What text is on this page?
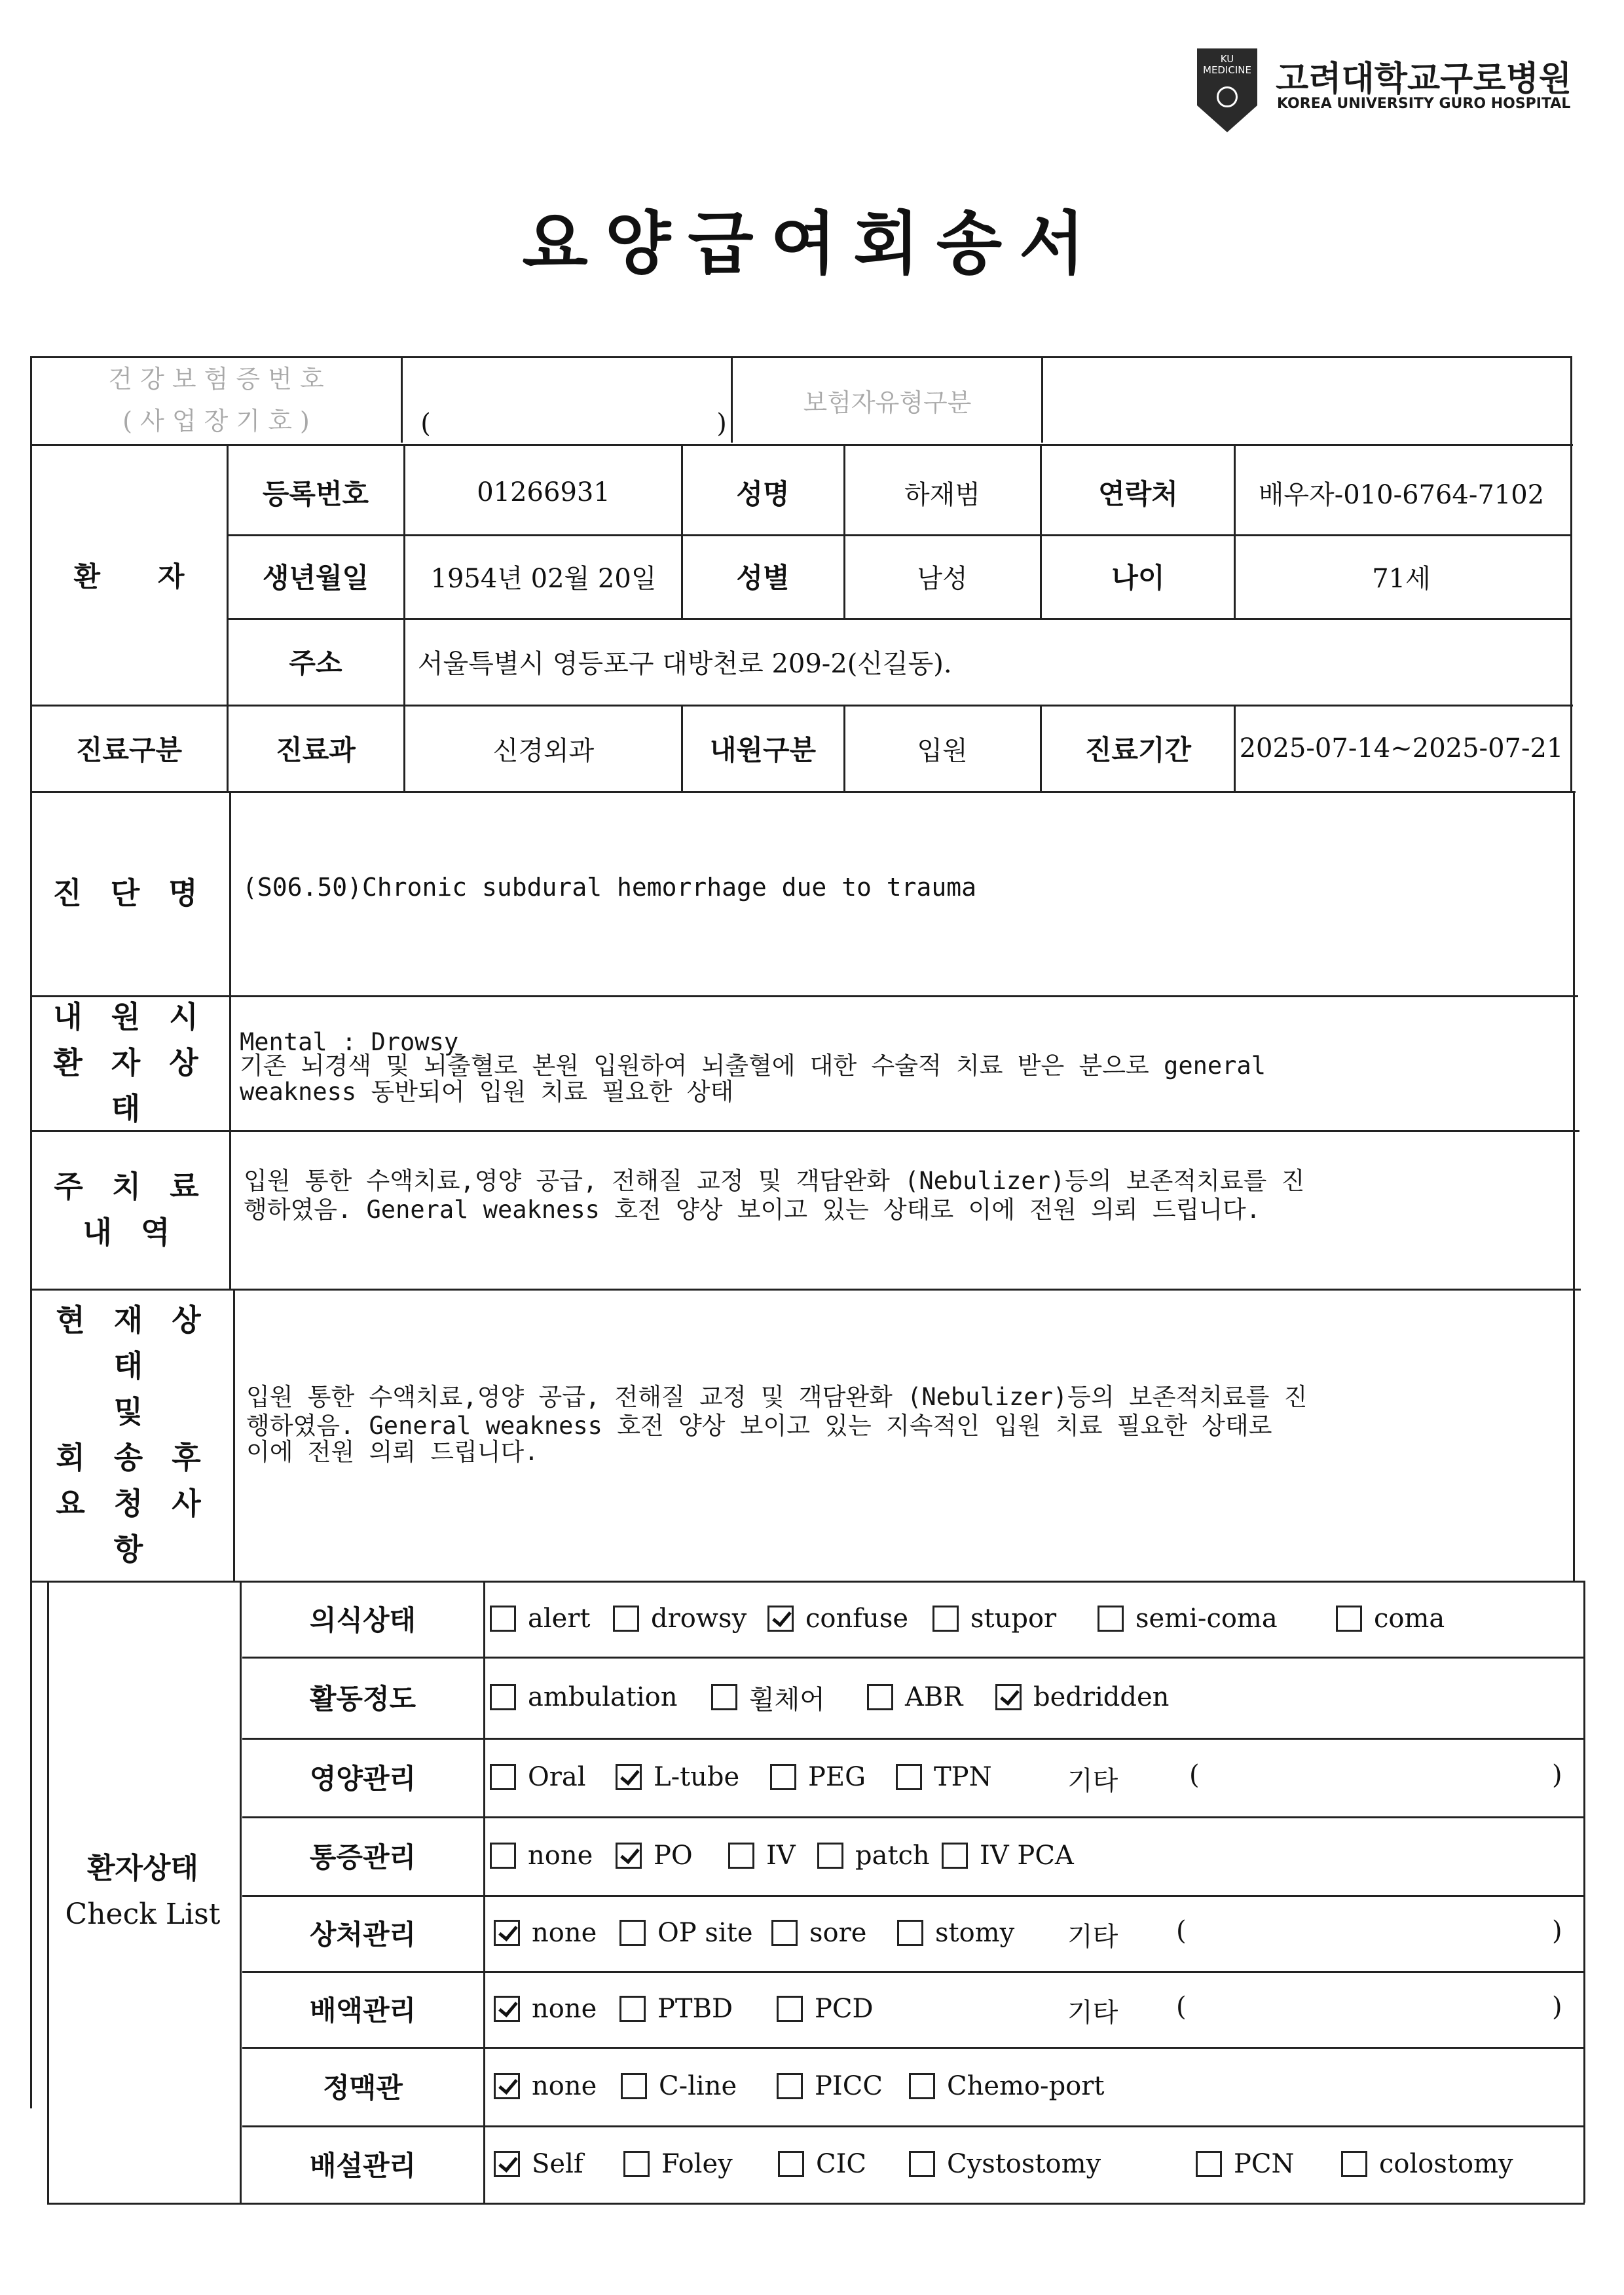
KU MEDICINE 고려대학교구로병원
KOREA UNIVERSITY GURO HOSPITAL
요양급여회송서
건 강 보 험 증 번 호
( 사 업 장 기 호 )	(	)
보험자유형구분
환      자
등록번호	01266931	성명	하재범	연락처	배우자-010-6764-7102
생년월일	1954년 02월 20일	성별	남성	나이	71세
주소	서울특별시 영등포구 대방천로 209-2(신길동).
진료구분	진료과	신경외과	내원구분	입원	진료기간	2025-07-14~2025-07-21
진 단 명	(S06.50)Chronic subdural hemorrhage due to trauma
내 원 시
환 자 상 태
Mental : Drowsy
기존 뇌경색 및 뇌출혈로 본원 입원하여 뇌출혈에 대한 수술적 치료 받은 분으로 general
weakness 동반되어 입원 치료 필요한 상태
주 치 료
내 역
입원 통한 수액치료,영양 공급, 전해질 교정 및 객담완화 (Nebulizer)등의 보존적치료를 진
행하였음. General weakness 호전 양상 보이고 있는 상태로 이에 전원 의뢰 드립니다.
현 재 상 태
및
회 송 후
요 청 사 항
입원 통한 수액치료,영양 공급, 전해질 교정 및 객담완화 (Nebulizer)등의 보존적치료를 진
행하였음. General weakness 호전 양상 보이고 있는 지속적인 입원 치료 필요한 상태로
이에 전원 의뢰 드립니다.
환자상태
Check List
의식상태	alert drowsy confuse stupor	semi-coma	coma
활동정도	ambulation	휠체어	ABR	bedridden
영양관리	Oral	L-tube	PEG	TPN	기타	(	)
통증관리	none PO	IV patch IV PCA
상처관리	none OP site sore	stomy 기타 (	)
배액관리	none PTBD	PCD	기타 (	)
정맥관	none C-line	PICC Chemo-port
배설관리	Self	Foley	CIC	Cystostomy	PCN	colostomy
